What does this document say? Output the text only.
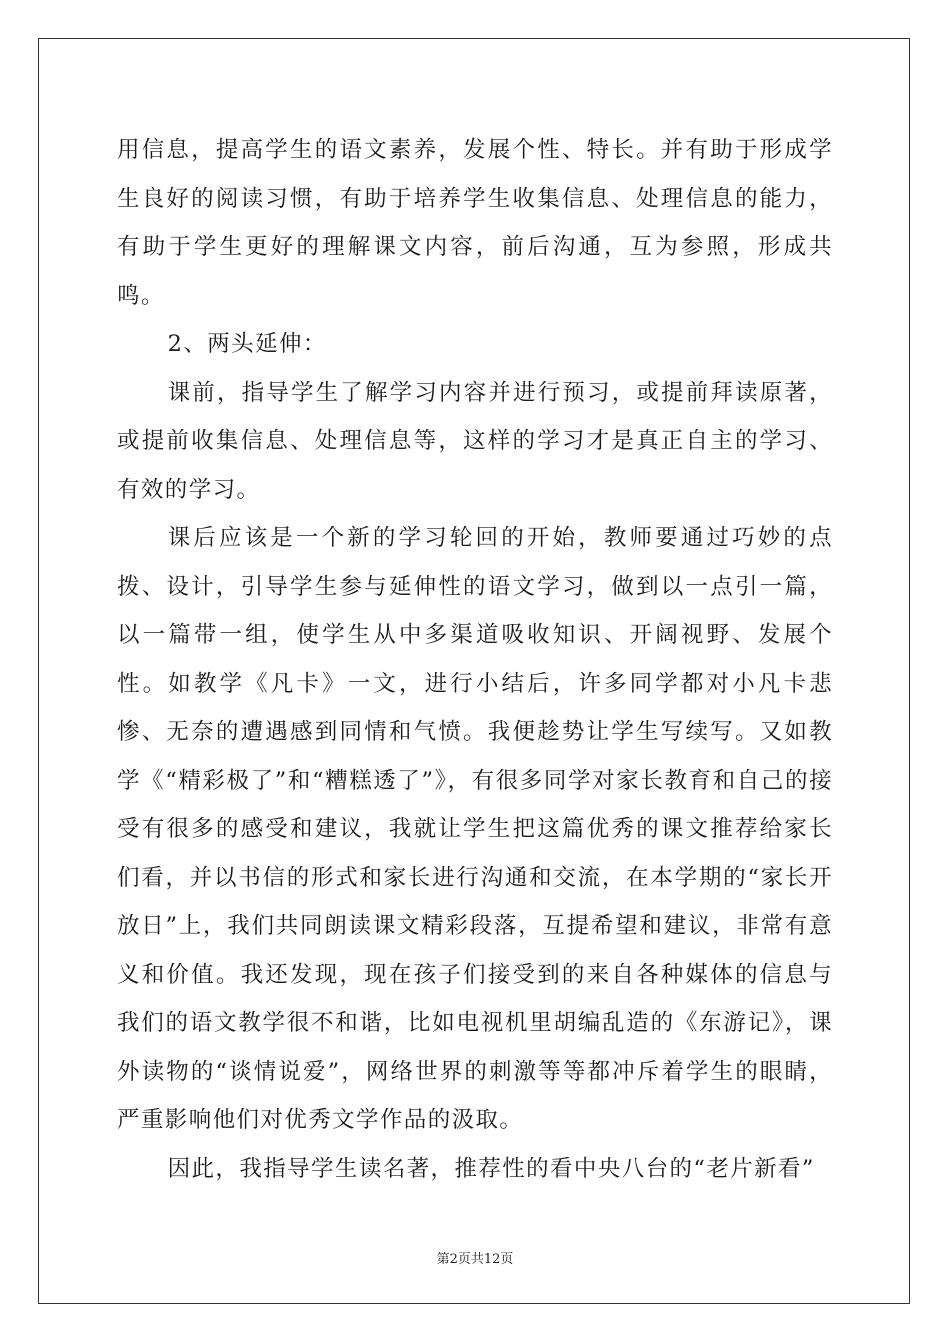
用信息，提高学生的语文素养，发展个性、特长。并有助于形成学生良好的阅读习惯，有助于培养学生收集信息、处理信息的能力，有助于学生更好的理解课文内容，前后沟通，互为参照，形成共鸣。

2、两头延伸：

课前，指导学生了解学习内容并进行预习，或提前拜读原著，或提前收集信息、处理信息等，这样的学习才是真正自主的学习、有效的学习。

课后应该是一个新的学习轮回的开始，教师要通过巧妙的点拨、设计，引导学生参与延伸性的语文学习，做到以一点引一篇，以一篇带一组，使学生从中多渠道吸收知识、开阔视野、发展个性。如教学《凡卡》一文，进行小结后，许多同学都对小凡卡悲惨、无奈的遭遇感到同情和气愤。我便趁势让学生写续写。又如教学《“精彩极了”和“糟糕透了”》，有很多同学对家长教育和自己的接受有很多的感受和建议，我就让学生把这篇优秀的课文推荐给家长们看，并以书信的形式和家长进行沟通和交流，在本学期的“家长开放日”上，我们共同朗读课文精彩段落，互提希望和建议，非常有意义和价值。我还发现，现在孩子们接受到的来自各种媒体的信息与我们的语文教学很不和谐，比如电视机里胡编乱造的《东游记》，课外读物的“谈情说爱”，网络世界的刺激等等都冲斥着学生的眼睛，严重影响他们对优秀文学作品的汲取。

因此，我指导学生读名著，推荐性的看中央八台的“老片新看”

第2页共12页
